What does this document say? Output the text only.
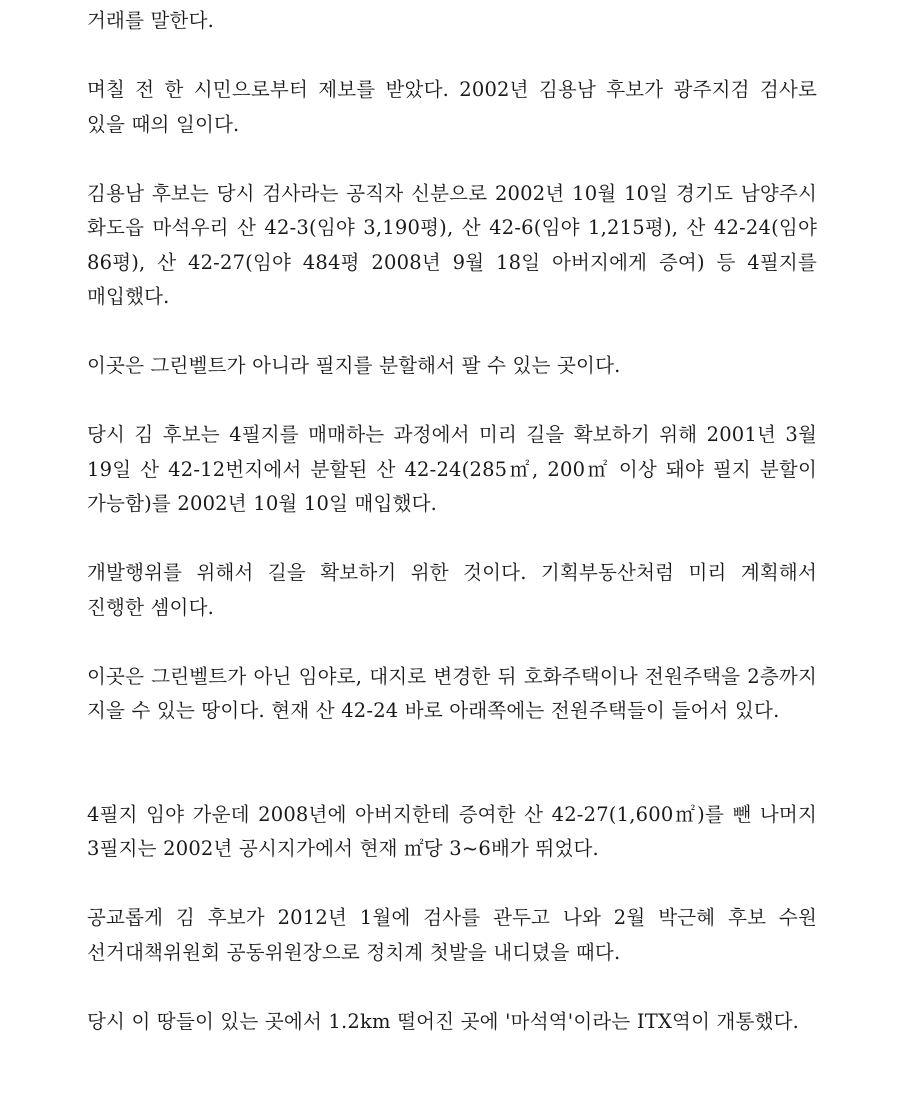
거래를 말한다.

며칠 전 한 시민으로부터 제보를 받았다. 2002년 김용남 후보가 광주지검 검사로 있을 때의 일이다.

김용남 후보는 당시 검사라는 공직자 신분으로 2002년 10월 10일 경기도 남양주시 화도읍 마석우리 산 42-3(임야 3,190평), 산 42-6(임야 1,215평), 산 42-24(임야 86평), 산 42-27(임야 484평 2008년 9월 18일 아버지에게 증여) 등 4필지를 매입했다.

이곳은 그린벨트가 아니라 필지를 분할해서 팔 수 있는 곳이다.

당시 김 후보는 4필지를 매매하는 과정에서 미리 길을 확보하기 위해 2001년 3월 19일 산 42-12번지에서 분할된 산 42-24(285㎡, 200㎡ 이상 돼야 필지 분할이 가능함)를 2002년 10월 10일 매입했다.

개발행위를 위해서 길을 확보하기 위한 것이다. 기획부동산처럼 미리 계획해서 진행한 셈이다.

이곳은 그린벨트가 아닌 임야로, 대지로 변경한 뒤 호화주택이나 전원주택을 2층까지 지을 수 있는 땅이다. 현재 산 42-24 바로 아래쪽에는 전원주택들이 들어서 있다.

4필지 임야 가운데 2008년에 아버지한테 증여한 산 42-27(1,600㎡)를 뺀 나머지 3필지는 2002년 공시지가에서 현재 ㎡당 3~6배가 뛰었다.

공교롭게 김 후보가 2012년 1월에 검사를 관두고 나와 2월 박근혜 후보 수원 선거대책위원회 공동위원장으로 정치계 첫발을 내디뎠을 때다.

당시 이 땅들이 있는 곳에서 1.2km 떨어진 곳에 '마석역'이라는 ITX역이 개통했다.
